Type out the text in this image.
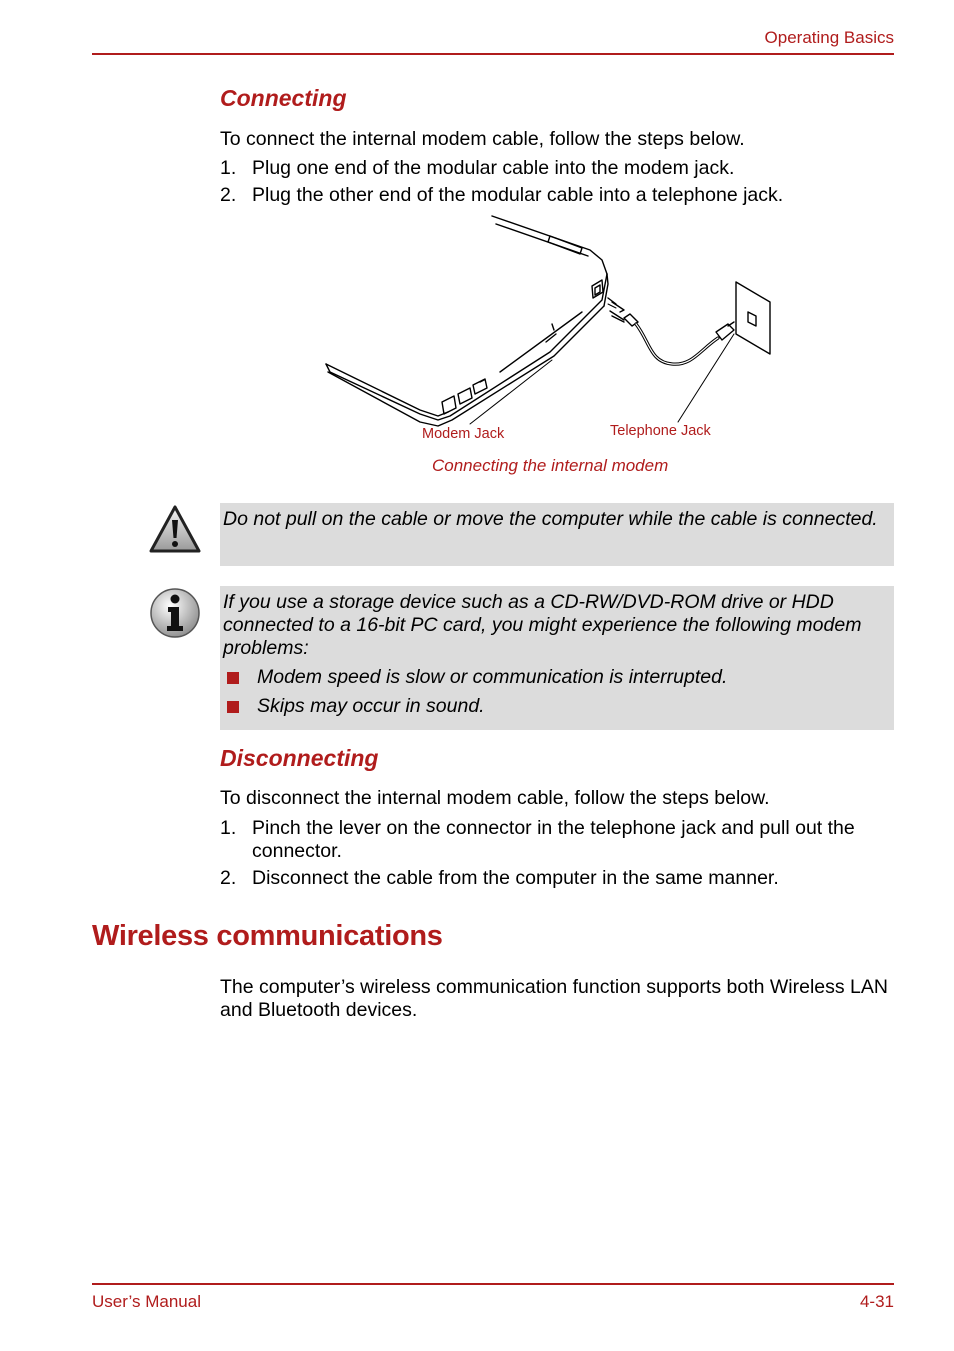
Operating Basics
Connecting
To connect the internal modem cable, follow the steps below.
1. Plug one end of the modular cable into the modem jack.
2. Plug the other end of the modular cable into a telephone jack.
Modem Jack	Telephone Jack
Connecting the internal modem
Do not pull on the cable or move the computer while the cable is connected.
If you use a storage device such as a CD-RW/DVD-ROM drive or HDD connected to a 16-bit PC card, you might experience the following modem problems:
Modem speed is slow or communication is interrupted.
Skips may occur in sound.
Disconnecting
To disconnect the internal modem cable, follow the steps below.
1. Pinch the lever on the connector in the telephone jack and pull out the connector.
2. Disconnect the cable from the computer in the same manner.
Wireless communications
The computer’s wireless communication function supports both Wireless LAN and Bluetooth devices.
User’s Manual	4-31
